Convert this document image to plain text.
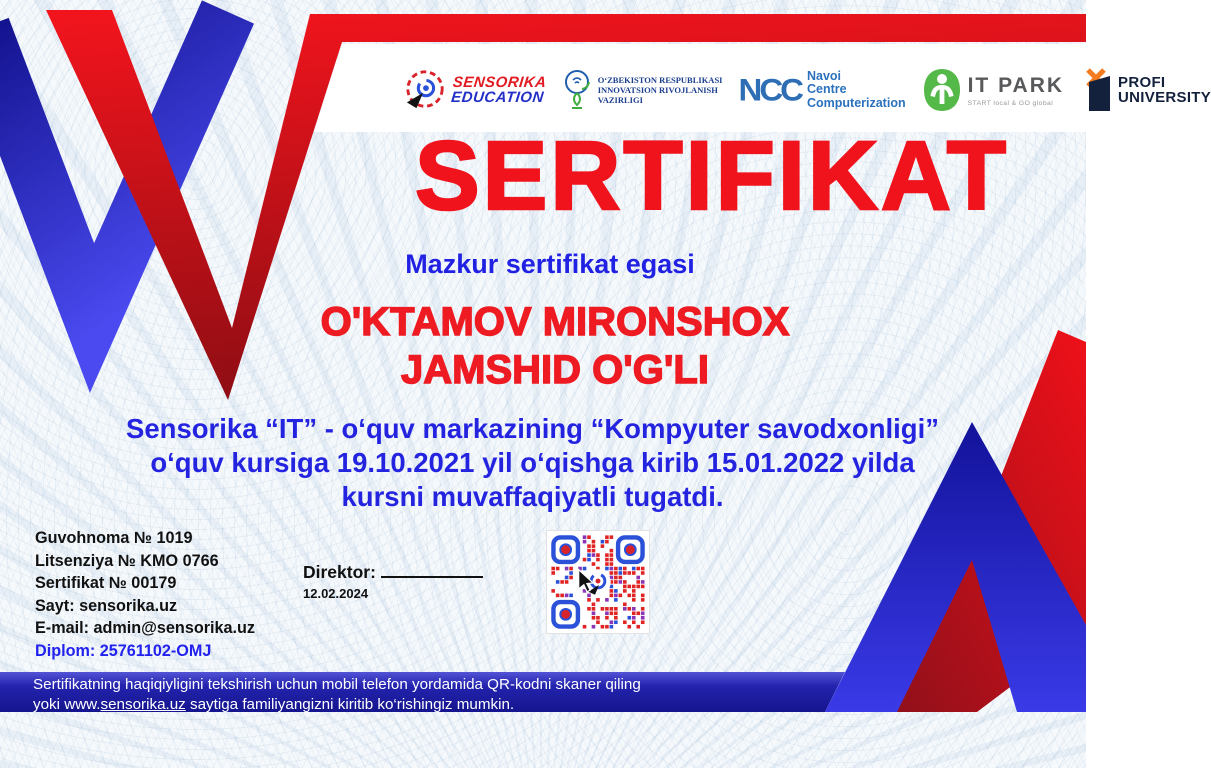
SENSORIKA
EDUCATION
O‘ZBEKISTON RESPUBLIKASI
INNOVATSION RIVOJLANISH
VAZIRLIGI	NCC Navoi
Centre
Computerization
IT PARK
START local & GO global
PROFI
UNIVERSITY
SERTIFIKAT
Mazkur sertifikat egasi
O'KTAMOV MIRONSHOX
JAMSHID O'G'LI
Sensorika “IT” - o‘quv markazining “Kompyuter savodxonligi”
o‘quv kursiga 19.10.2021 yil o‘qishga kirib 15.01.2022 yilda
kursni muvaffaqiyatli tugatdi.
Guvohnoma № 1019
Litsenziya № KMO 0766
Sertifikat № 00179
Sayt: sensorika.uz
E-mail: admin@sensorika.uz
Diplom: 25761102-OMJ
Direktor:
12.02.2024
Sertifikatning haqiqiyligini tekshirish uchun mobil telefon yordamida QR-kodni skaner qiling
yoki www.sensorika.uz saytiga familiyangizni kiritib ko‘rishingiz mumkin.
